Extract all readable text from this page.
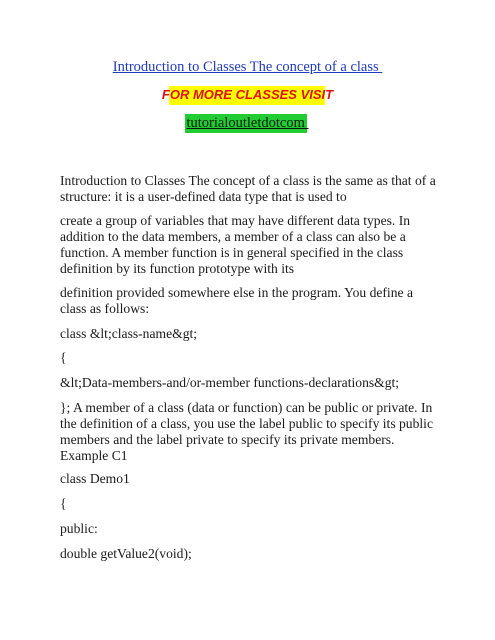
Introduction to Classes The concept of a class
FOR MORE CLASSES VISIT
tutorialoutletdotcom

Introduction to Classes The concept of a class is the same as that of a structure: it is a user-defined data type that is used to

create a group of variables that may have different data types. In addition to the data members, a member of a class can also be a function. A member function is in general specified in the class definition by its function prototype with its

definition provided somewhere else in the program. You define a class as follows:

class &lt;class-name&gt;

{

&lt;Data-members-and/or-member functions-declarations&gt;

}; A member of a class (data or function) can be public or private. In the definition of a class, you use the label public to specify its public members and the label private to specify its private members. Example C1

class Demo1

{

public:

double getValue2(void);
